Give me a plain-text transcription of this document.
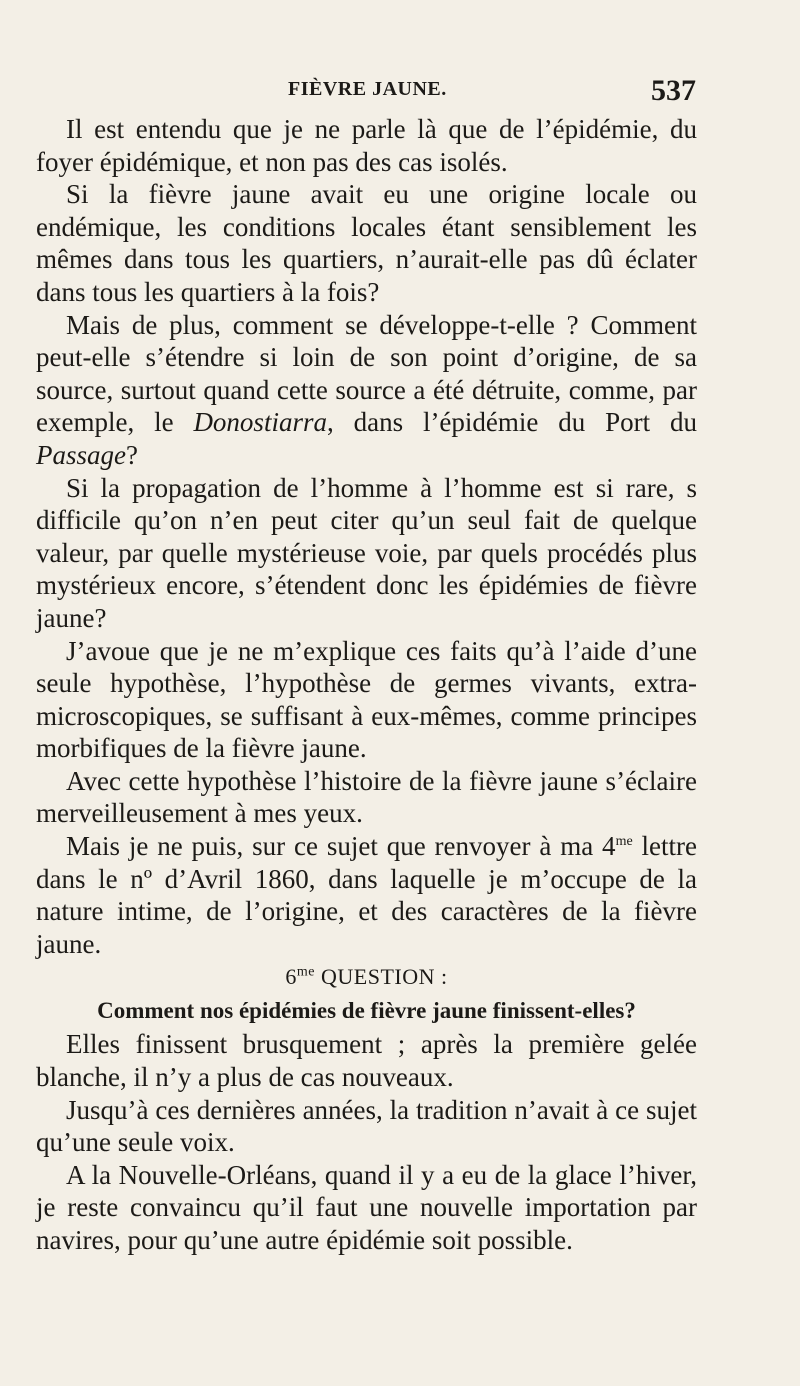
FIÈVRE JAUNE.	537

Il est entendu que je ne parle là que de l’épidémie, du foyer épidémique, et non pas des cas isolés.

Si la fièvre jaune avait eu une origine locale ou endémique, les conditions locales étant sensiblement les mêmes dans tous les quartiers, n’aurait-elle pas dû éclater dans tous les quartiers à la fois?

Mais de plus, comment se développe-t-elle ? Comment peut-elle s’étendre si loin de son point d’origine, de sa source, surtout quand cette source a été détruite, comme, par exemple, le Donostiarra, dans l’épidémie du Port du Passage?

Si la propagation de l’homme à l’homme est si rare, s difficile qu’on n’en peut citer qu’un seul fait de quelque valeur, par quelle mystérieuse voie, par quels procédés plus mystérieux encore, s’étendent donc les épidémies de fièvre jaune?

J’avoue que je ne m’explique ces faits qu’à l’aide d’une seule hypothèse, l’hypothèse de germes vivants, extra-microscopiques, se suffisant à eux-mêmes, comme principes morbifiques de la fièvre jaune.

Avec cette hypothèse l’histoire de la fièvre jaune s’éclaire merveilleusement à mes yeux.

Mais je ne puis, sur ce sujet que renvoyer à ma $4^{me}$ lettre dans le nº d’Avril 1860, dans laquelle je m’occupe de la nature intime, de l’origine, et des caractères de la fièvre jaune.

$6^{me}$ QUESTION :
Comment nos épidémies de fièvre jaune finissent-elles?

Elles finissent brusquement ; après la première gelée blanche, il n’y a plus de cas nouveaux.

Jusqu’à ces dernières années, la tradition n’avait à ce sujet qu’une seule voix.

A la Nouvelle-Orléans, quand il y a eu de la glace l’hiver, je reste convaincu qu’il faut une nouvelle importation par navires, pour qu’une autre épidémie soit possible.
